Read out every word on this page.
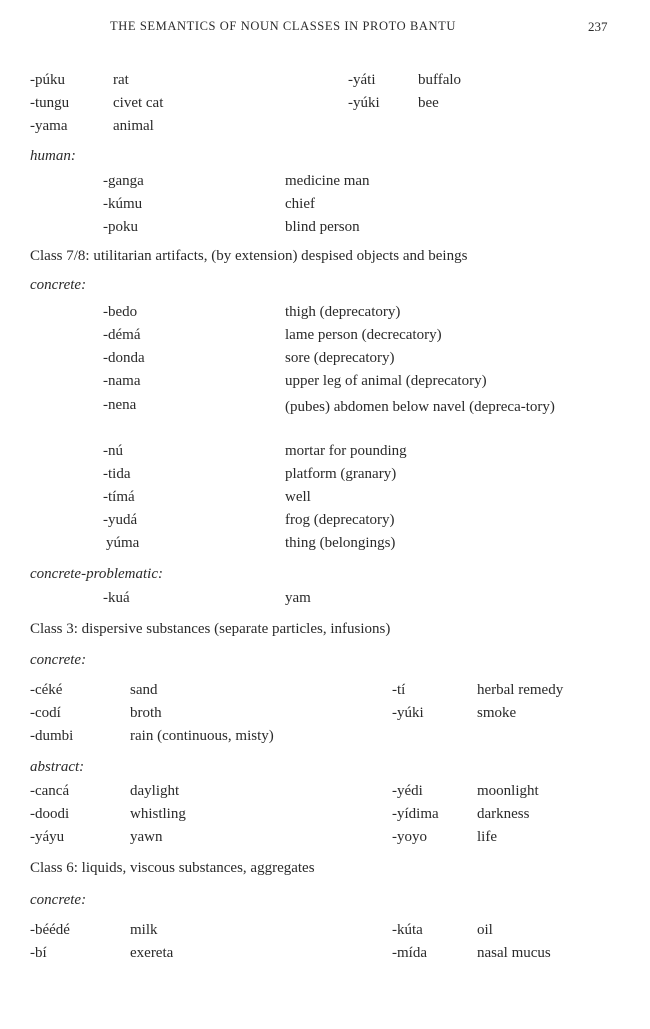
THE SEMANTICS OF NOUN CLASSES IN PROTO BANTU	237
-púku	rat	-yáti	buffalo
-tungu	civet cat	-yúki	bee
-yama	animal
human:
-ganga	medicine man
-kúmu	chief
-poku	blind person
Class 7/8: utilitarian artifacts, (by extension) despised objects and beings
concrete:
-bedo	thigh (deprecatory)
-démá	lame person (decrecatory)
-donda	sore (deprecatory)
-nama	upper leg of animal (deprecatory)
-nena	(pubes) abdomen below navel (depreca-tory)
-nú	mortar for pounding
-tida	platform (granary)
-tímá	well
-yudá	frog (deprecatory)
yúma	thing (belongings)
concrete-problematic:
-kuá	yam
Class 3: dispersive substances (separate particles, infusions)
concrete:
-céké	sand	-tí	herbal remedy
-codí	broth	-yúki	smoke
-dumbi	rain (continuous, misty)
abstract:
-cancá	daylight	-yédi	moonlight
-doodi	whistling	-yídima	darkness
-yáyu	yawn	-yoyo	life
Class 6: liquids, viscous substances, aggregates
concrete:
-béédé	milk	-kúta	oil
-bí	exereta	-mída	nasal mucus
